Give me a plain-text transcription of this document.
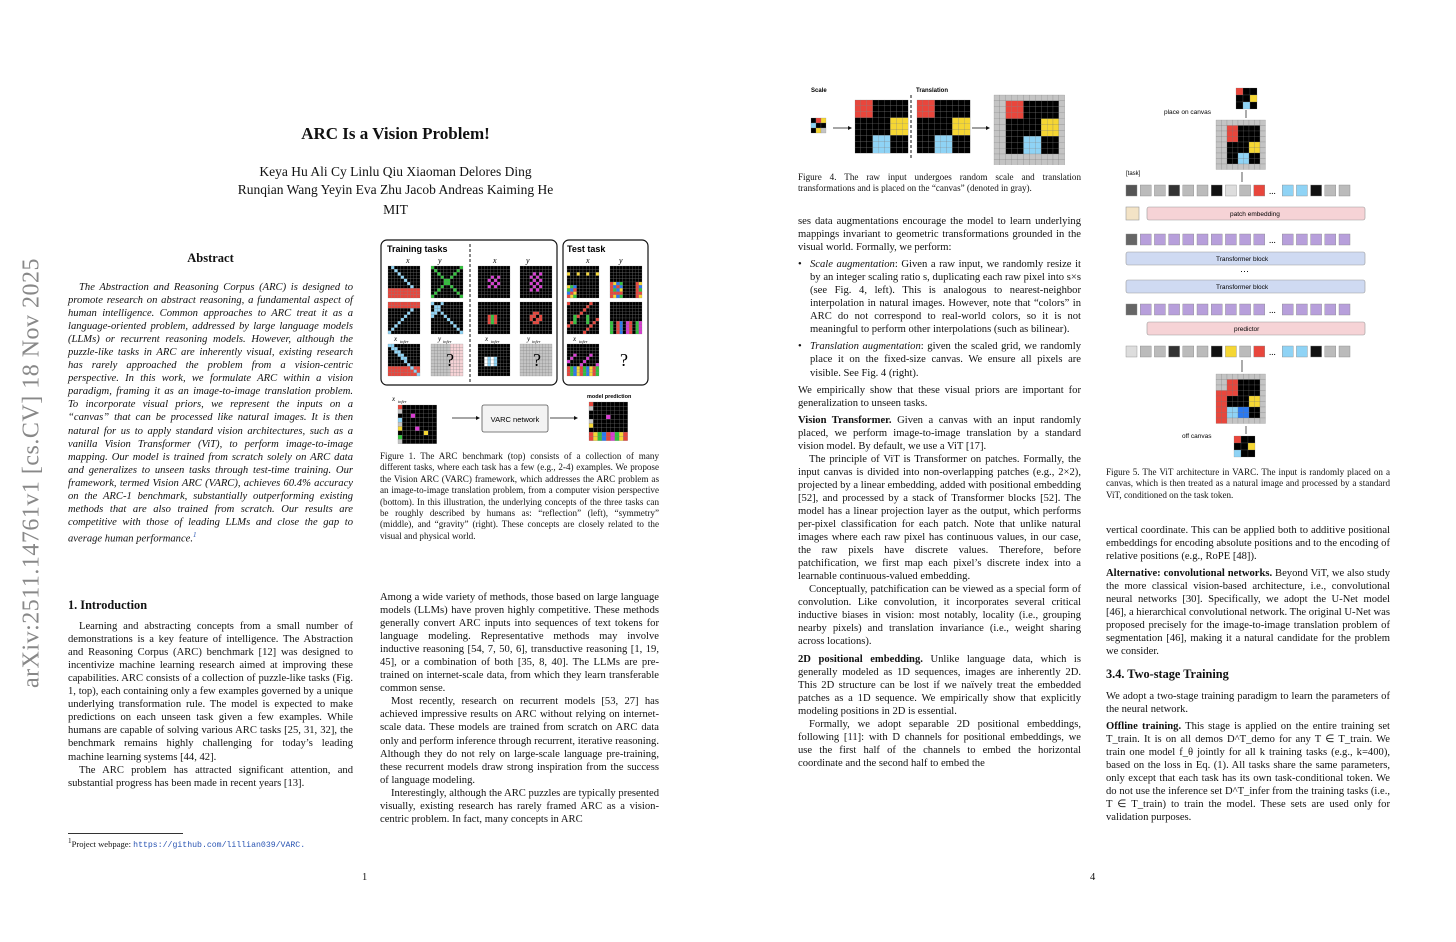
arXiv:2511.14761v1 [cs.CV] 18 Nov 2025
ARC Is a Vision Problem!
Keya Hu Ali Cy Linlu Qiu Xiaoman Delores Ding
Runqian Wang Yeyin Eva Zhu Jacob Andreas Kaiming He
MIT
Abstract

The Abstraction and Reasoning Corpus (ARC) is designed to promote research on abstract reasoning, a fundamental aspect of human intelligence. Common approaches to ARC treat it as a language-oriented problem, addressed by large language models (LLMs) or recurrent reasoning models. However, although the puzzle-like tasks in ARC are inherently visual, existing research has rarely approached the problem from a vision-centric perspective. In this work, we formulate ARC within a vision paradigm, framing it as an image-to-image translation problem. To incorporate visual priors, we represent the inputs on a “canvas” that can be processed like natural images. It is then natural for us to apply standard vision architectures, such as a vanilla Vision Transformer (ViT), to perform image-to-image mapping. Our model is trained from scratch solely on ARC data and generalizes to unseen tasks through test-time training. Our framework, termed Vision ARC (VARC), achieves 60.4% accuracy on the ARC-1 benchmark, substantially outperforming existing methods that are also trained from scratch. Our results are competitive with those of leading LLMs and close the gap to average human performance.$^1$

1. Introduction

Learning and abstracting concepts from a small number of demonstrations is a key feature of intelligence. The Abstraction and Reasoning Corpus (ARC) benchmark [12] was designed to incentivize machine learning research aimed at improving these capabilities. ARC consists of a collection of puzzle-like tasks (Fig. 1, top), each containing only a few examples governed by a unique underlying transformation rule. The model is expected to make predictions on each unseen task given a few examples. While humans are capable of solving various ARC tasks [25, 31, 32], the benchmark remains highly challenging for today’s leading machine learning systems [44, 42].

The ARC problem has attracted significant attention, and substantial progress has been made in recent years [13].

$^1$Project webpage: https://github.com/lillian039/VARC.
Training tasks	Test task
x	y	x	y	x	y
x infer	y infer	x infer	y infer	x infer
?	?	?
x infer
VARC network
model prediction
Figure 1. The ARC benchmark (top) consists of a collection of many different tasks, where each task has a few (e.g., 2-4) examples. We propose the Vision ARC (VARC) framework, which addresses the ARC problem as an image-to-image translation problem, from a computer vision perspective (bottom). In this illustration, the underlying concepts of the three tasks can be roughly described by humans as: “reflection” (left), “symmetry” (middle), and “gravity” (right). These concepts are closely related to the visual and physical world.

Among a wide variety of methods, those based on large language models (LLMs) have proven highly competitive. These methods generally convert ARC inputs into sequences of text tokens for language modeling. Representative methods may involve inductive reasoning [54, 7, 50, 6], transductive reasoning [1, 19, 45], or a combination of both [35, 8, 40]. The LLMs are pre-trained on internet-scale data, from which they learn transferable common sense.

Most recently, research on recurrent models [53, 27] has achieved impressive results on ARC without relying on internet-scale data. These models are trained from scratch on ARC data only and perform inference through recurrent, iterative reasoning. Although they do not rely on large-scale language pre-training, these recurrent models draw strong inspiration from the success of language modeling.

Interestingly, although the ARC puzzles are typically presented visually, existing research has rarely framed ARC as a vision-centric problem. In fact, many concepts in ARC

1
Scale	Translation
Figure 4. The raw input undergoes random scale and translation transformations and is placed on the “canvas” (denoted in gray).

ses data augmentations encourage the model to learn underlying mappings invariant to geometric transformations grounded in the visual world. Formally, we perform:

• Scale augmentation: Given a raw input, we randomly resize it by an integer scaling ratio s, duplicating each raw pixel into s×s (see Fig. 4, left). This is analogous to nearest-neighbor interpolation in natural images. However, note that “colors” in ARC do not correspond to real-world colors, so it is not meaningful to perform other interpolations (such as bilinear).

• Translation augmentation: given the scaled grid, we randomly place it on the fixed-size canvas. We ensure all pixels are visible. See Fig. 4 (right).

We empirically show that these visual priors are important for generalization to unseen tasks.

Vision Transformer. Given a canvas with an input randomly placed, we perform image-to-image translation by a standard vision model. By default, we use a ViT [17].

The principle of ViT is Transformer on patches. Formally, the input canvas is divided into non-overlapping patches (e.g., 2×2), projected by a linear embedding, added with positional embedding [52], and processed by a stack of Transformer blocks [52]. The model has a linear projection layer as the output, which performs per-pixel classification for each patch. Note that unlike natural images where each raw pixel has continuous values, in our case, the raw pixels have discrete values. Therefore, before patchification, we first map each pixel’s discrete index into a learnable continuous-valued embedding.

Conceptually, patchification can be viewed as a special form of convolution. Like convolution, it incorporates several critical inductive biases in vision: most notably, locality (i.e., grouping nearby pixels) and translation invariance (i.e., weight sharing across locations).

2D positional embedding. Unlike language data, which is generally modeled as 1D sequences, images are inherently 2D. This 2D structure can be lost if we naïvely treat the embedded patches as a 1D sequence. We empirically show that explicitly modeling positions in 2D is essential.

Formally, we adopt separable 2D positional embeddings, following [11]: with D channels for positional embeddings, we use the first half of the channels to embed the horizontal coordinate and the second half to embed the

place on canvas
[task]
...
patch embedding
...
Transformer block
⋯
Transformer block
...
predictor
...
off canvas
Figure 5. The ViT architecture in VARC. The input is randomly placed on a canvas, which is then treated as a natural image and processed by a standard ViT, conditioned on the task token.

vertical coordinate. This can be applied both to additive positional embeddings for encoding absolute positions and to the encoding of relative positions (e.g., RoPE [48]).

Alternative: convolutional networks. Beyond ViT, we also study the more classical vision-based architecture, i.e., convolutional neural networks [30]. Specifically, we adopt the U-Net model [46], a hierarchical convolutional network. The original U-Net was proposed precisely for the image-to-image translation problem of segmentation [46], making it a natural candidate for the problem we consider.

3.4. Two-stage Training

We adopt a two-stage training paradigm to learn the parameters of the neural network.

Offline training. This stage is applied on the entire training set T_train. It is on all demos D^T_demo for any T ∈ T_train. We train one model f_θ jointly for all k training tasks (e.g., k=400), based on the loss in Eq. (1). All tasks share the same parameters, only except that each task has its own task-conditional token. We do not use the inference set D^T_infer from the training tasks (i.e., T ∈ T_train) to train the model. These sets are used only for validation purposes.

4
